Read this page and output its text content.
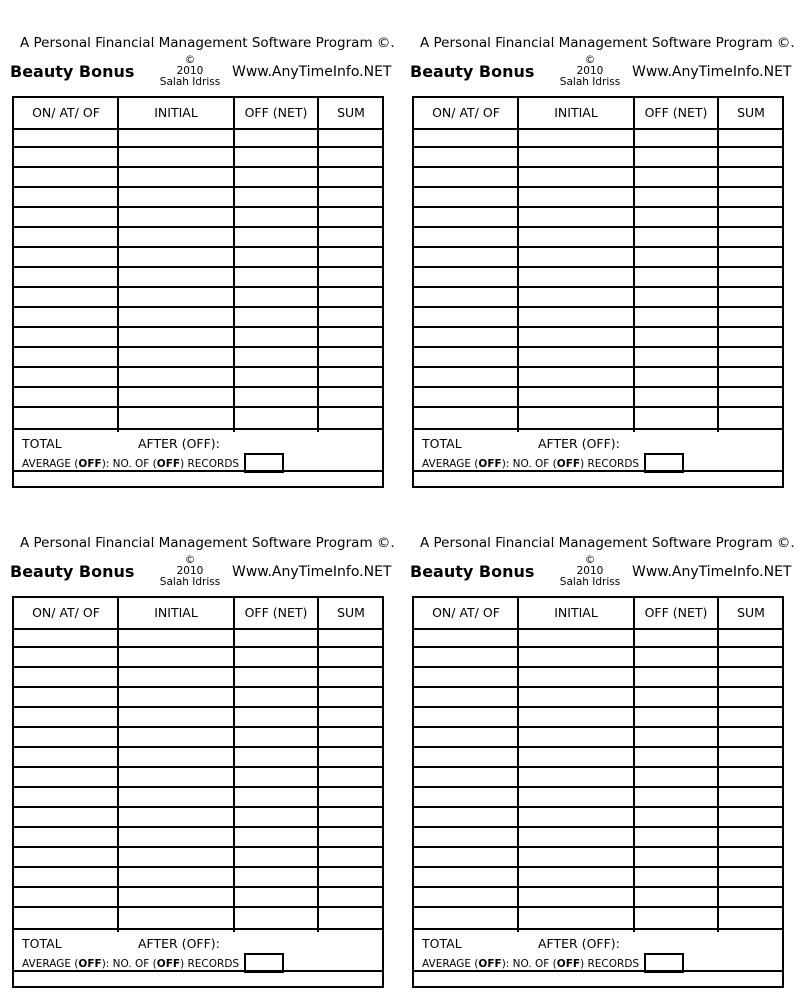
A Personal Financial Management Software Program ©.
Beauty Bonus
©
2010
Salah Idriss
Www.AnyTimeInfo.NET
ON/ AT/ OF	INITIAL	OFF (NET)	SUM
TOTAL	AFTER (OFF):
AVERAGE (OFF): NO. OF (OFF) RECORDS
A Personal Financial Management Software Program ©.
Beauty Bonus
©
2010
Salah Idriss
Www.AnyTimeInfo.NET
ON/ AT/ OF	INITIAL	OFF (NET)	SUM
TOTAL	AFTER (OFF):
AVERAGE (OFF): NO. OF (OFF) RECORDS
A Personal Financial Management Software Program ©.
Beauty Bonus
©
2010
Salah Idriss
Www.AnyTimeInfo.NET
ON/ AT/ OF	INITIAL	OFF (NET)	SUM
TOTAL	AFTER (OFF):
AVERAGE (OFF): NO. OF (OFF) RECORDS
A Personal Financial Management Software Program ©.
Beauty Bonus
©
2010
Salah Idriss
Www.AnyTimeInfo.NET
ON/ AT/ OF	INITIAL	OFF (NET)	SUM
TOTAL	AFTER (OFF):
AVERAGE (OFF): NO. OF (OFF) RECORDS
